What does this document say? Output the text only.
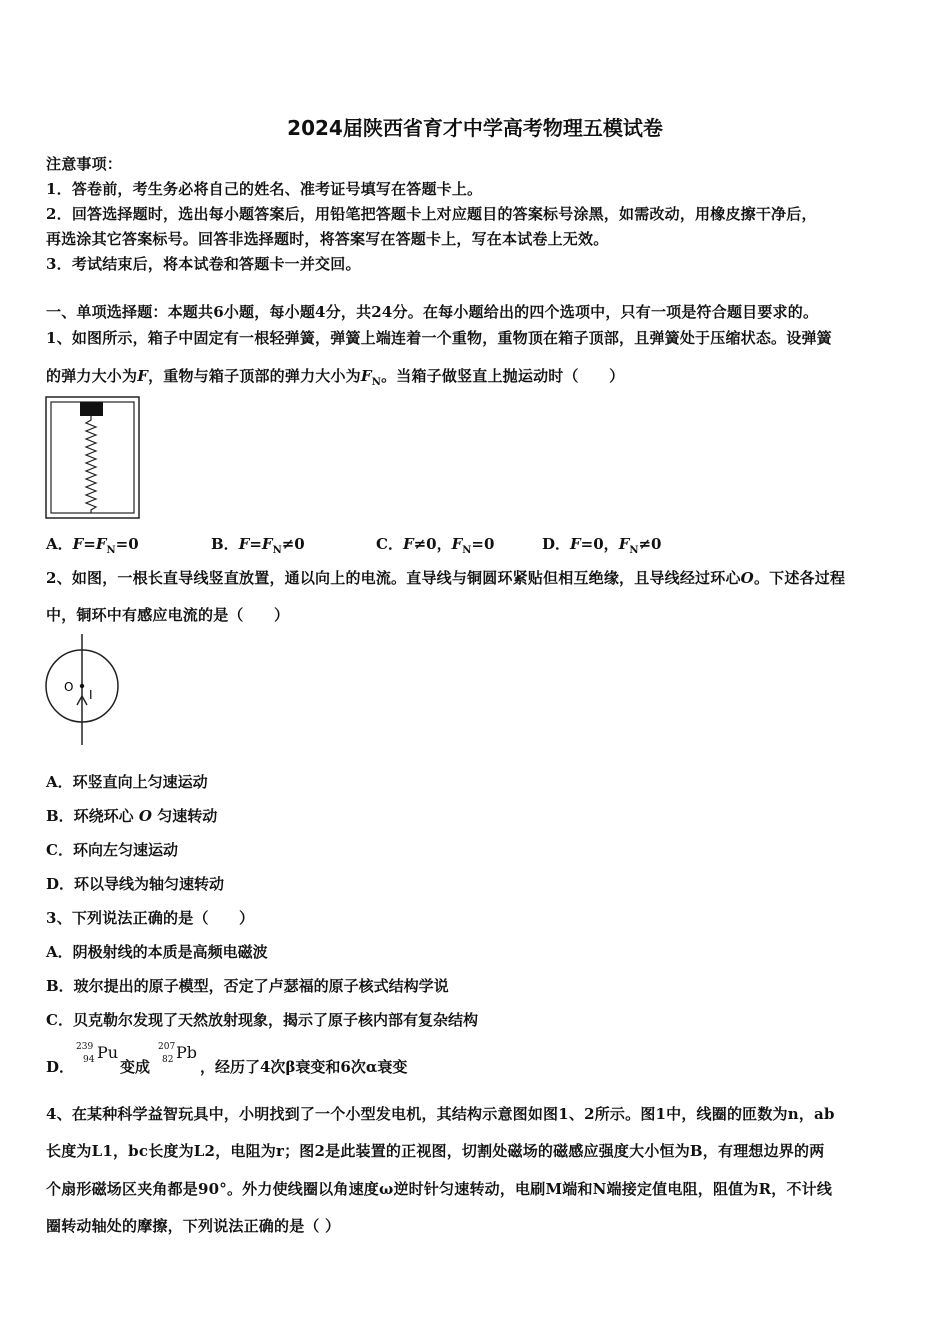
2024届陕西省育才中学高考物理五模试卷
注意事项：
1．答卷前，考生务必将自己的姓名、准考证号填写在答题卡上。
2．回答选择题时，选出每小题答案后，用铅笔把答题卡上对应题目的答案标号涂黑，如需改动，用橡皮擦干净后，
再选涂其它答案标号。回答非选择题时，将答案写在答题卡上，写在本试卷上无效。
3．考试结束后，将本试卷和答题卡一并交回。
一、单项选择题：本题共6小题，每小题4分，共24分。在每小题给出的四个选项中，只有一项是符合题目要求的。
1、如图所示，箱子中固定有一根轻弹簧，弹簧上端连着一个重物，重物顶在箱子顶部，且弹簧处于压缩状态。设弹簧
的弹力大小为F，重物与箱子顶部的弹力大小为$F_N$。当箱子做竖直上抛运动时（　　）
A．$F=F_N=0$	B．$F=F_N\ne 0$	C．F≠0，$F_N=0$	D．F=0，$F_N\ne 0$
2、如图，一根长直导线竖直放置，通以向上的电流。直导线与铜圆环紧贴但相互绝缘，且导线经过环心O。下述各过程
中，铜环中有感应电流的是（　　）
O
I
A．环竖直向上匀速运动
B．环绕环心 O 匀速转动
C．环向左匀速运动
D．环以导线为轴匀速转动
3、下列说法正确的是（　　）
A．阴极射线的本质是高频电磁波
B．玻尔提出的原子模型，否定了卢瑟福的原子核式结构学说
C．贝克勒尔发现了天然放射现象，揭示了原子核内部有复杂结构
D．
239
94 Pu
变成
207
82 Pb
，经历了4次β衰变和6次α衰变
4、在某种科学益智玩具中，小明找到了一个小型发电机，其结构示意图如图1、2所示。图1中，线圈的匝数为n，ab
长度为L1，bc长度为L2，电阻为r；图2是此装置的正视图，切割处磁场的磁感应强度大小恒为B，有理想边界的两
个扇形磁场区夹角都是90°。外力使线圈以角速度ω逆时针匀速转动，电刷M端和N端接定值电阻，阻值为R，不计线
圈转动轴处的摩擦，下列说法正确的是（ ）
